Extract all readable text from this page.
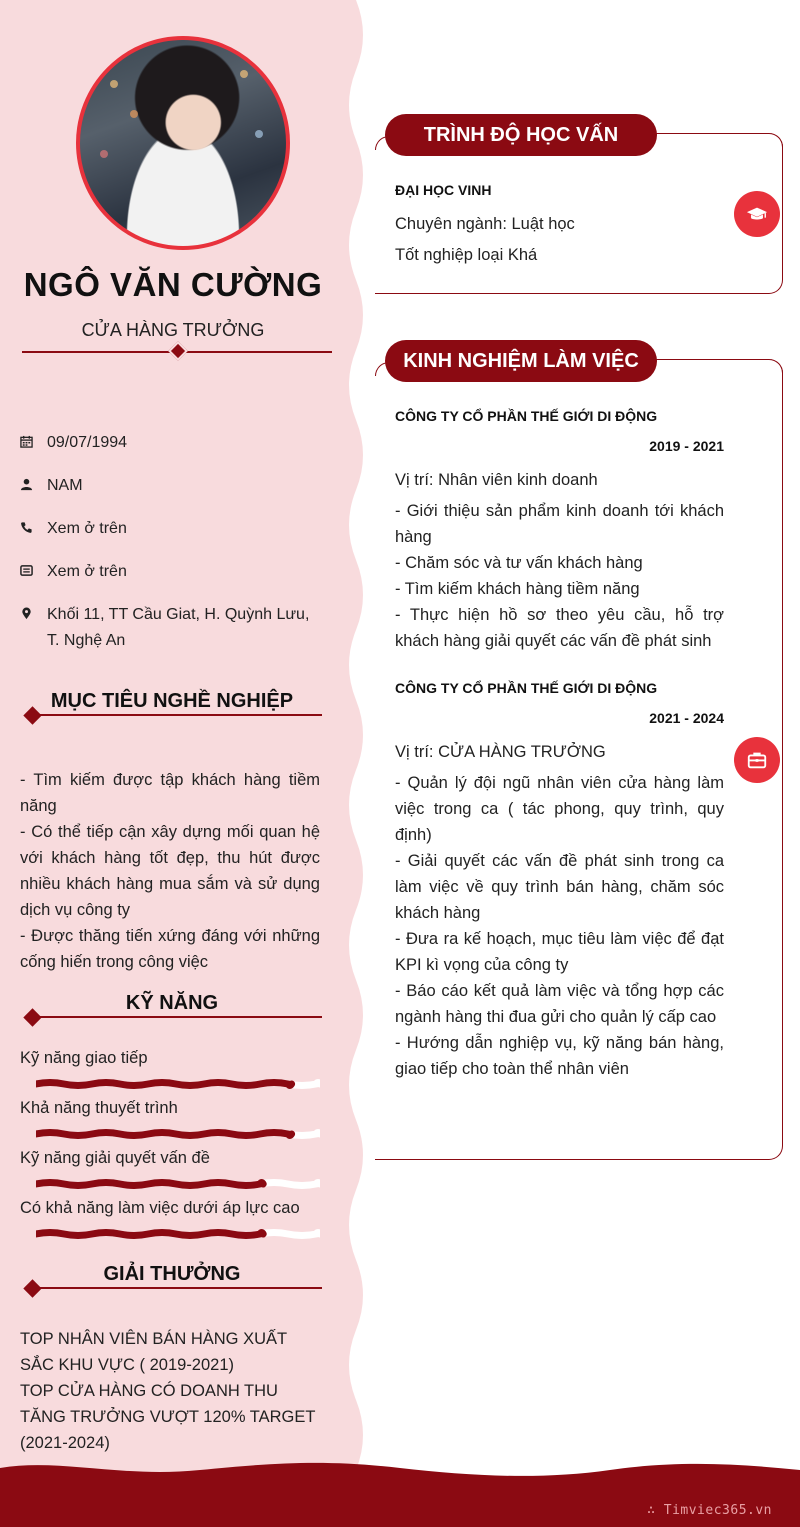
NGÔ VĂN CƯỜNG
CỬA HÀNG TRƯỞNG
09/07/1994
NAM
Xem ở trên
Xem ở trên
Khối 11, TT Cầu Giat, H. Quỳnh Lưu, T. Nghệ An
MỤC TIÊU NGHỀ NGHIỆP
- Tìm kiếm được tập khách hàng tiềm năng
- Có thể tiếp cận xây dựng mối quan hệ với khách hàng tốt đẹp, thu hút được nhiều khách hàng mua sắm và sử dụng dịch vụ công ty
- Được thăng tiến xứng đáng với những cống hiến trong công việc
KỸ NĂNG
Kỹ năng giao tiếp
Khả năng thuyết trình
Kỹ năng giải quyết vấn đề
Có khả năng làm việc dưới áp lực cao
GIẢI THƯỞNG
TOP NHÂN VIÊN BÁN HÀNG XUẤT SẮC KHU VỰC ( 2019-2021)
TOP CỬA HÀNG CÓ DOANH THU TĂNG TRƯỞNG VƯỢT 120% TARGET (2021-2024)
TRÌNH ĐỘ HỌC VẤN
ĐẠI HỌC VINH
Chuyên ngành: Luật học
Tốt nghiệp loại Khá
KINH NGHIỆM LÀM VIỆC
CÔNG TY CỔ PHẦN THẾ GIỚI DI ĐỘNG
2019 - 2021
Vị trí: Nhân viên kinh doanh
- Giới thiệu sản phẩm kinh doanh tới khách hàng
- Chăm sóc và tư vấn khách hàng
- Tìm kiếm khách hàng tiềm năng
- Thực hiện hồ sơ theo yêu cầu, hỗ trợ khách hàng giải quyết các vấn đề phát sinh
CÔNG TY CỔ PHẦN THẾ GIỚI DI ĐỘNG
2021 - 2024
Vị trí: CỬA HÀNG TRƯỞNG
- Quản lý đội ngũ nhân viên cửa hàng làm việc trong ca ( tác phong, quy trình, quy định)
- Giải quyết các vấn đề phát sinh trong ca làm việc về quy trình bán hàng, chăm sóc khách hàng
- Đưa ra kế hoạch, mục tiêu làm việc để đạt KPI kì vọng của công ty
- Báo cáo kết quả làm việc và tổng hợp các ngành hàng thi đua gửi cho quản lý cấp cao
- Hướng dẫn nghiệp vụ, kỹ năng bán hàng, giao tiếp cho toàn thể nhân viên
∴ Timviec365.vn
